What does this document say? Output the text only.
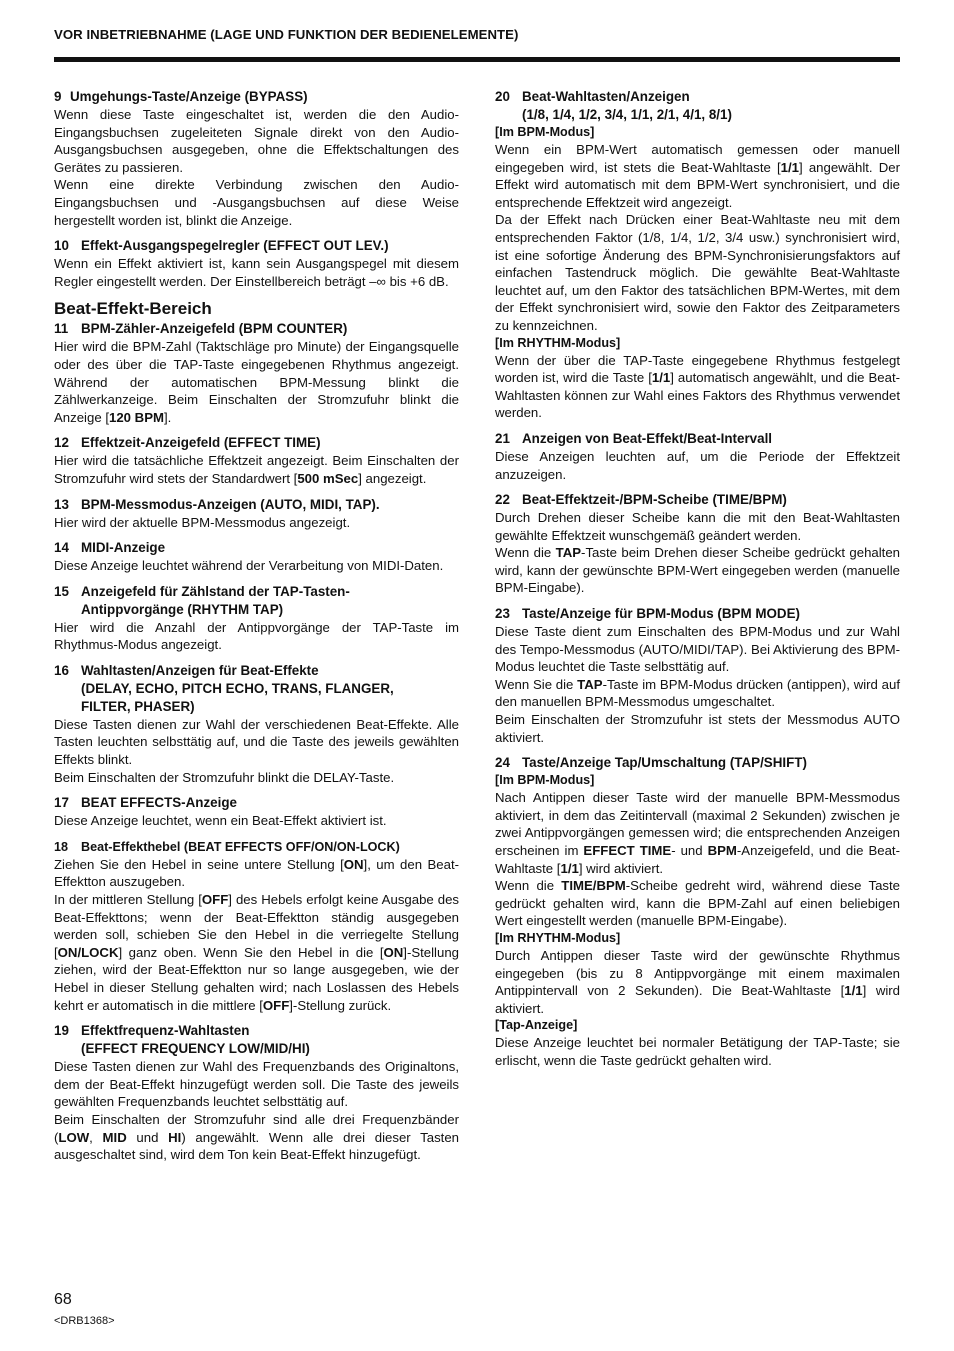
VOR INBETRIEBNAHME (LAGE UND FUNKTION DER BEDIENELEMENTE)
9 Umgehungs-Taste/Anzeige (BYPASS)

Wenn diese Taste eingeschaltet ist, werden die den Audio-Eingangsbuchsen zugeleiteten Signale direkt von den Audio-Ausgangsbuchsen ausgegeben, ohne die Effektschaltungen des Gerätes zu passieren.

Wenn eine direkte Verbindung zwischen den Audio-Eingangsbuchsen und -Ausgangsbuchsen auf diese Weise hergestellt worden ist, blinkt die Anzeige.

10 Effekt-Ausgangspegelregler (EFFECT OUT LEV.)

Wenn ein Effekt aktiviert ist, kann sein Ausgangspegel mit diesem Regler eingestellt werden. Der Einstellbereich beträgt –∞ bis +6 dB.

Beat-Effekt-Bereich
11 BPM-Zähler-Anzeigefeld (BPM COUNTER)

Hier wird die BPM-Zahl (Taktschläge pro Minute) der Eingangsquelle oder des über die TAP-Taste eingegebenen Rhythmus angezeigt. Während der automatischen BPM-Messung blinkt die Zählwerkanzeige. Beim Einschalten der Stromzufuhr blinkt die Anzeige [120 BPM].

12 Effektzeit-Anzeigefeld (EFFECT TIME)

Hier wird die tatsächliche Effektzeit angezeigt. Beim Einschalten der Stromzufuhr wird stets der Standardwert [500 mSec] angezeigt.

13 BPM-Messmodus-Anzeigen (AUTO, MIDI, TAP).

Hier wird der aktuelle BPM-Messmodus angezeigt.

14 MIDI-Anzeige

Diese Anzeige leuchtet während der Verarbeitung von MIDI-Daten.

15 Anzeigefeld für Zählstand der TAP-Tasten-
Antippvorgänge (RHYTHM TAP)

Hier wird die Anzahl der Antippvorgänge der TAP-Taste im Rhythmus-Modus angezeigt.

16 Wahltasten/Anzeigen für Beat-Effekte
(DELAY, ECHO, PITCH ECHO, TRANS, FLANGER,
FILTER, PHASER)

Diese Tasten dienen zur Wahl der verschiedenen Beat-Effekte. Alle Tasten leuchten selbsttätig auf, und die Taste des jeweils gewählten Effekts blinkt.

Beim Einschalten der Stromzufuhr blinkt die DELAY-Taste.

17 BEAT EFFECTS-Anzeige

Diese Anzeige leuchtet, wenn ein Beat-Effekt aktiviert ist.

18	Beat-Effekthebel (BEAT EFFECTS OFF/ON/ON-LOCK)

Ziehen Sie den Hebel in seine untere Stellung [ON], um den Beat-Effektton auszugeben.

In der mittleren Stellung [OFF] des Hebels erfolgt keine Ausgabe des Beat-Effekttons; wenn der Beat-Effektton ständig ausgegeben werden soll, schieben Sie den Hebel in die verriegelte Stellung [ON/LOCK] ganz oben. Wenn Sie den Hebel in die [ON]-Stellung ziehen, wird der Beat-Effektton nur so lange ausgegeben, wie der Hebel in dieser Stellung gehalten wird; nach Loslassen des Hebels kehrt er automatisch in die mittlere [OFF]-Stellung zurück.

19 Effektfrequenz-Wahltasten
(EFFECT FREQUENCY LOW/MID/HI)

Diese Tasten dienen zur Wahl des Frequenzbands des Originaltons, dem der Beat-Effekt hinzugefügt werden soll. Die Taste des jeweils gewählten Frequenzbands leuchtet selbsttätig auf.

Beim Einschalten der Stromzufuhr sind alle drei Frequenzbänder (LOW, MID und HI) angewählt. Wenn alle drei dieser Tasten ausgeschaltet sind, wird dem Ton kein Beat-Effekt hinzugefügt.

20 Beat-Wahltasten/Anzeigen
(1/8, 1/4, 1/2, 3/4, 1/1, 2/1, 4/1, 8/1)
[Im BPM-Modus]

Wenn ein BPM-Wert automatisch gemessen oder manuell eingegeben wird, ist stets die Beat-Wahltaste [1/1] angewählt. Der Effekt wird automatisch mit dem BPM-Wert synchronisiert, und die entsprechende Effektzeit wird angezeigt.

Da der Effekt nach Drücken einer Beat-Wahltaste neu mit dem entsprechenden Faktor (1/8, 1/4, 1/2, 3/4 usw.) synchronisiert wird, ist eine sofortige Änderung des BPM-Synchronisierungsfaktors auf einfachen Tastendruck möglich. Die gewählte Beat-Wahltaste leuchtet auf, um den Faktor des tatsächlichen BPM-Wertes, mit dem der Effekt synchronisiert wird, sowie den Faktor des Zeitparameters zu kennzeichnen.

[Im RHYTHM-Modus]

Wenn der über die TAP-Taste eingegebene Rhythmus festgelegt worden ist, wird die Taste [1/1] automatisch angewählt, und die Beat-Wahltasten können zur Wahl eines Faktors des Rhythmus verwendet werden.

21 Anzeigen von Beat-Effekt/Beat-Intervall

Diese Anzeigen leuchten auf, um die Periode der Effektzeit anzuzeigen.

22 Beat-Effektzeit-/BPM-Scheibe (TIME/BPM)

Durch Drehen dieser Scheibe kann die mit den Beat-Wahltasten gewählte Effektzeit wunschgemäß geändert werden.

Wenn die TAP-Taste beim Drehen dieser Scheibe gedrückt gehalten wird, kann der gewünschte BPM-Wert eingegeben werden (manuelle BPM-Eingabe).

23 Taste/Anzeige für BPM-Modus (BPM MODE)

Diese Taste dient zum Einschalten des BPM-Modus und zur Wahl des Tempo-Messmodus (AUTO/MIDI/TAP). Bei Aktivierung des BPM-Modus leuchtet die Taste selbsttätig auf.

Wenn Sie die TAP-Taste im BPM-Modus drücken (antippen), wird auf den manuellen BPM-Messmodus umgeschaltet.

Beim Einschalten der Stromzufuhr ist stets der Messmodus AUTO aktiviert.

24 Taste/Anzeige Tap/Umschaltung (TAP/SHIFT)
[Im BPM-Modus]

Nach Antippen dieser Taste wird der manuelle BPM-Messmodus aktiviert, in dem das Zeitintervall (maximal 2 Sekunden) zwischen je zwei Antippvorgängen gemessen wird; die entsprechenden Anzeigen erscheinen im EFFECT TIME- und BPM-Anzeigefeld, und die Beat-Wahltaste [1/1] wird aktiviert.

Wenn die TIME/BPM-Scheibe gedreht wird, während diese Taste gedrückt gehalten wird, kann die BPM-Zahl auf einen beliebigen Wert eingestellt werden (manuelle BPM-Eingabe).

[Im RHYTHM-Modus]

Durch Antippen dieser Taste wird der gewünschte Rhythmus eingegeben (bis zu 8 Antippvorgänge mit einem maximalen Antippintervall von 2 Sekunden). Die Beat-Wahltaste [1/1] wird aktiviert.

[Tap-Anzeige]

Diese Anzeige leuchtet bei normaler Betätigung der TAP-Taste; sie erlischt, wenn die Taste gedrückt gehalten wird.

68
<DRB1368>
